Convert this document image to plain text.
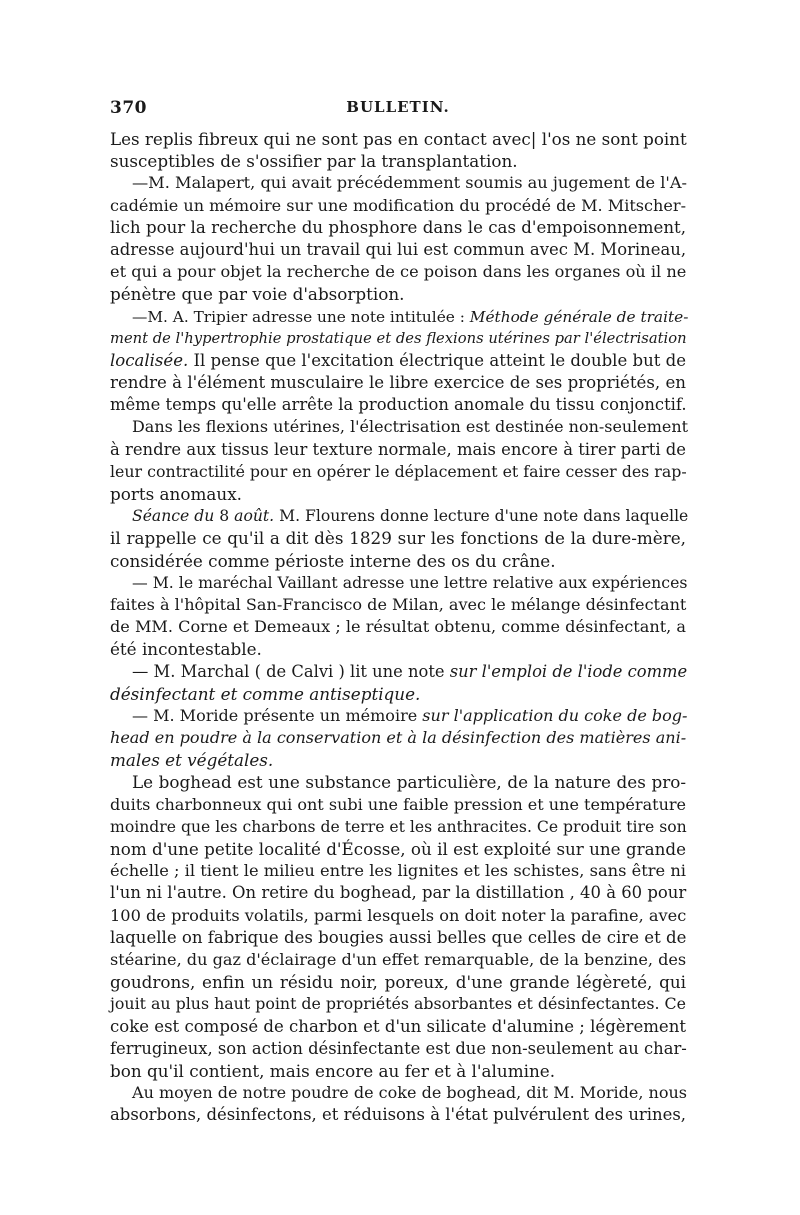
370	BULLETIN.
Les replis fibreux qui ne sont pas en contact avec| l'os ne sont point
susceptibles de s'ossifier par la transplantation.
—M. Malapert, qui avait précédemment soumis au jugement de l'A-
cadémie un mémoire sur une modification du procédé de M. Mitscher-
lich pour la recherche du phosphore dans le cas d'empoisonnement,
adresse aujourd'hui un travail qui lui est commun avec M. Morineau,
et qui a pour objet la recherche de ce poison dans les organes où il ne
pénètre que par voie d'absorption.
—M. A. Tripier adresse une note intitulée : Méthode générale de traite-
ment de l'hypertrophie prostatique et des flexions utérines par l'électrisation
localisée. Il pense que l'excitation électrique atteint le double but de
rendre à l'élément musculaire le libre exercice de ses propriétés, en
même temps qu'elle arrête la production anomale du tissu conjonctif.
Dans les flexions utérines, l'électrisation est destinée non-seulement
à rendre aux tissus leur texture normale, mais encore à tirer parti de
leur contractilité pour en opérer le déplacement et faire cesser des rap-
ports anomaux.
Séance du 8 août. M. Flourens donne lecture d'une note dans laquelle
il rappelle ce qu'il a dit dès 1829 sur les fonctions de la dure-mère,
considérée comme périoste interne des os du crâne.
— M. le maréchal Vaillant adresse une lettre relative aux expériences
faites à l'hôpital San-Francisco de Milan, avec le mélange désinfectant
de MM. Corne et Demeaux ; le résultat obtenu, comme désinfectant, a
été incontestable.
— M. Marchal ( de Calvi ) lit une note sur l'emploi de l'iode comme
désinfectant et comme antiseptique.
— M. Moride présente un mémoire sur l'application du coke de bog-
head en poudre à la conservation et à la désinfection des matières ani-
males et végétales.
Le boghead est une substance particulière, de la nature des pro-
duits charbonneux qui ont subi une faible pression et une température
moindre que les charbons de terre et les anthracites. Ce produit tire son
nom d'une petite localité d'Écosse, où il est exploité sur une grande
échelle ; il tient le milieu entre les lignites et les schistes, sans être ni
l'un ni l'autre. On retire du boghead, par la distillation , 40 à 60 pour
100 de produits volatils, parmi lesquels on doit noter la parafine, avec
laquelle on fabrique des bougies aussi belles que celles de cire et de
stéarine, du gaz d'éclairage d'un effet remarquable, de la benzine, des
goudrons, enfin un résidu noir, poreux, d'une grande légèreté, qui
jouit au plus haut point de propriétés absorbantes et désinfectantes. Ce
coke est composé de charbon et d'un silicate d'alumine ; légèrement
ferrugineux, son action désinfectante est due non-seulement au char-
bon qu'il contient, mais encore au fer et à l'alumine.
Au moyen de notre poudre de coke de boghead, dit M. Moride, nous
absorbons, désinfectons, et réduisons à l'état pulvérulent des urines,
